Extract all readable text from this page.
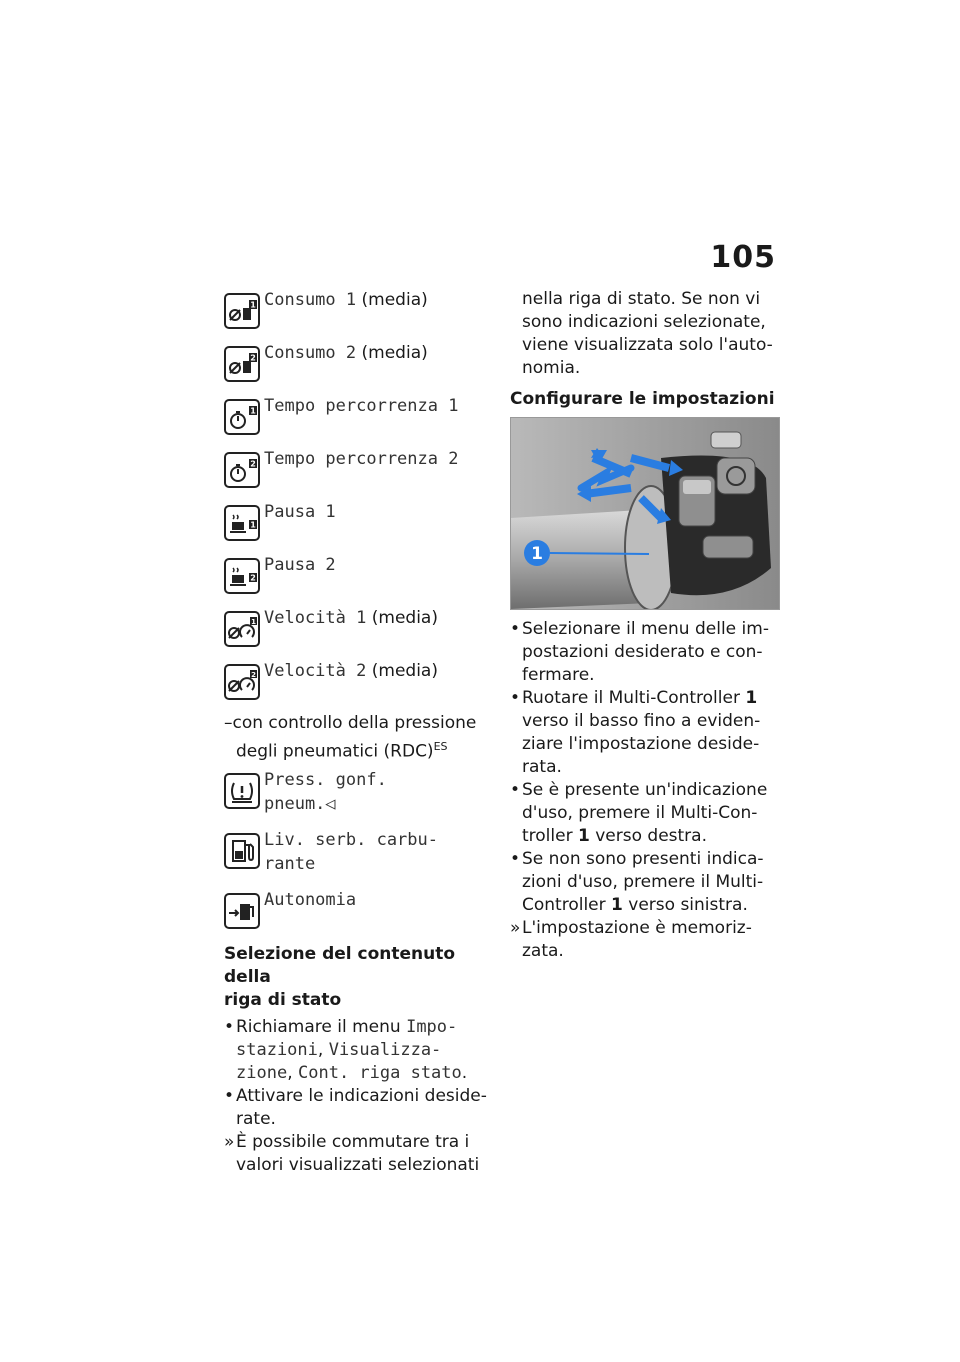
105
1 Consumo 1 (media)
2 Consumo 2 (media)
1 Tempo percorrenza 1
2 Tempo percorrenza 2
1
Pausa 1
2
Pausa 2
1 Velocità 1 (media)
2 Velocità 2 (media)
–con controllo della pressione
degli pneumatici (RDC)$^{ES}$
Press. gonf.
pneum.◁
Liv. serb. carbu-
rante
Autonomia
Selezione del contenuto della
riga di stato
• Richiamare il menu Impo-
stazioni, Visualizza-
zione, Cont. riga stato.
• Attivare le indicazioni deside-
rate.
» È possibile commutare tra i
valori visualizzati selezionati
nella riga di stato. Se non vi
sono indicazioni selezionate,
viene visualizzata solo l'auto-
nomia.
Configurare le impostazioni
1
• Selezionare il menu delle im-
postazioni desiderato e con-
fermare.
• Ruotare il Multi-Controller 1
verso il basso fino a eviden-
ziare l'impostazione deside-
rata.
• Se è presente un'indicazione
d'uso, premere il Multi-Con-
troller 1 verso destra.
• Se non sono presenti indica-
zioni d'uso, premere il Multi-
Controller 1 verso sinistra.
» L'impostazione è memoriz-
zata.
